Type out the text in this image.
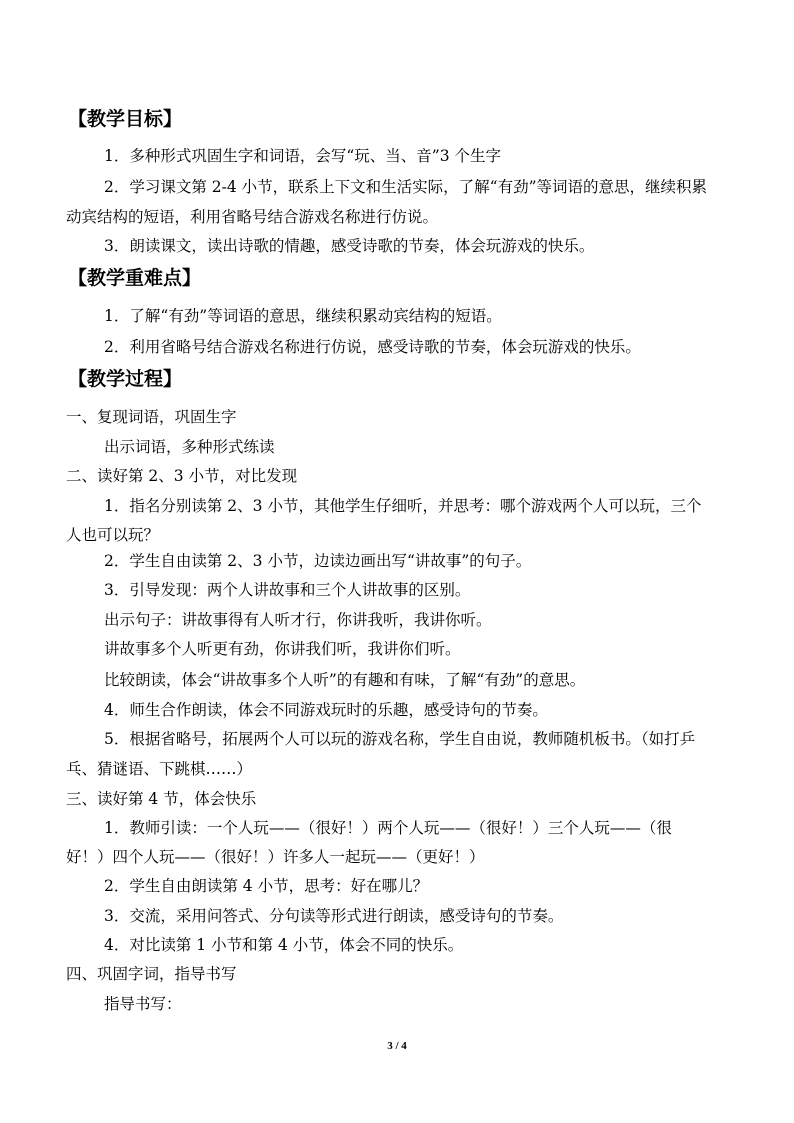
【教学目标】
1．多种形式巩固生字和词语，会写“玩、当、音”3 个生字
2．学习课文第 2-4 小节，联系上下文和生活实际，了解“有劲”等词语的意思，继续积累
动宾结构的短语，利用省略号结合游戏名称进行仿说。
3．朗读课文，读出诗歌的情趣，感受诗歌的节奏，体会玩游戏的快乐。
【教学重难点】
1．了解“有劲”等词语的意思，继续积累动宾结构的短语。
2．利用省略号结合游戏名称进行仿说，感受诗歌的节奏，体会玩游戏的快乐。
【教学过程】
一、复现词语，巩固生字
出示词语，多种形式练读
二、读好第 2、3 小节，对比发现
1．指名分别读第 2、3 小节，其他学生仔细听，并思考：哪个游戏两个人可以玩，三个
人也可以玩？
2．学生自由读第 2、3 小节，边读边画出写“讲故事”的句子。
3．引导发现：两个人讲故事和三个人讲故事的区别。
出示句子：讲故事得有人听才行，你讲我听，我讲你听。
讲故事多个人听更有劲，你讲我们听，我讲你们听。
比较朗读，体会“讲故事多个人听”的有趣和有味，了解“有劲”的意思。
4．师生合作朗读，体会不同游戏玩时的乐趣，感受诗句的节奏。
5．根据省略号，拓展两个人可以玩的游戏名称，学生自由说，教师随机板书。（如打乒
乓、猜谜语、下跳棋……）
三、读好第 4 节，体会快乐
1．教师引读：一个人玩——（很好！）两个人玩——（很好！）三个人玩——（很
好！）四个人玩——（很好！）许多人一起玩——（更好！）
2．学生自由朗读第 4 小节，思考：好在哪儿？
3．交流，采用问答式、分句读等形式进行朗读，感受诗句的节奏。
4．对比读第 1 小节和第 4 小节，体会不同的快乐。
四、巩固字词，指导书写
指导书写：
3 / 4
